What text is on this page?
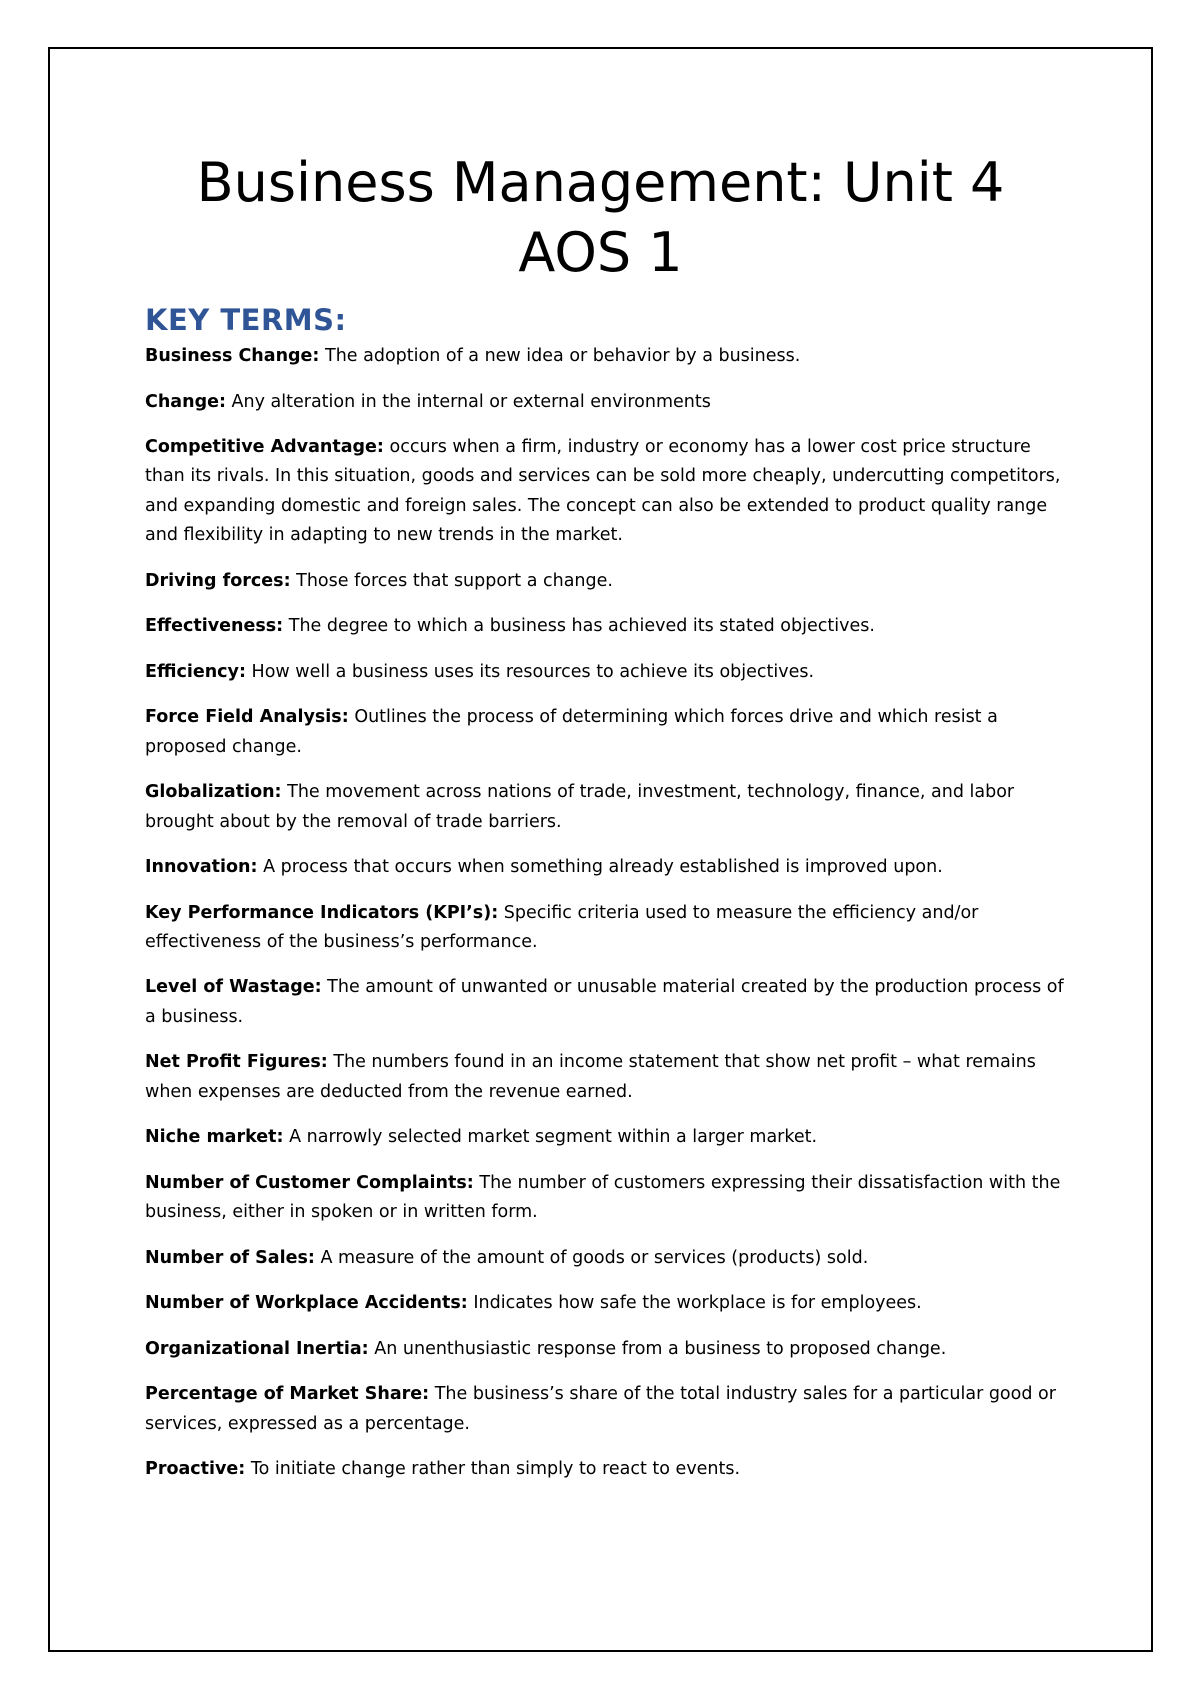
Business Management: Unit 4
AOS 1
KEY TERMS:
Business Change: The adoption of a new idea or behavior by a business.
Change: Any alteration in the internal or external environments
Competitive Advantage: occurs when a firm, industry or economy has a lower cost price structure than its rivals. In this situation, goods and services can be sold more cheaply, undercutting competitors, and expanding domestic and foreign sales. The concept can also be extended to product quality range and flexibility in adapting to new trends in the market.
Driving forces: Those forces that support a change.
Effectiveness: The degree to which a business has achieved its stated objectives.
Efficiency: How well a business uses its resources to achieve its objectives.
Force Field Analysis: Outlines the process of determining which forces drive and which resist a proposed change.
Globalization: The movement across nations of trade, investment, technology, finance, and labor brought about by the removal of trade barriers.
Innovation: A process that occurs when something already established is improved upon.
Key Performance Indicators (KPI’s): Specific criteria used to measure the efficiency and/or effectiveness of the business’s performance.
Level of Wastage: The amount of unwanted or unusable material created by the production process of a business.
Net Profit Figures: The numbers found in an income statement that show net profit – what remains when expenses are deducted from the revenue earned.
Niche market: A narrowly selected market segment within a larger market.
Number of Customer Complaints: The number of customers expressing their dissatisfaction with the business, either in spoken or in written form.
Number of Sales: A measure of the amount of goods or services (products) sold.
Number of Workplace Accidents: Indicates how safe the workplace is for employees.
Organizational Inertia: An unenthusiastic response from a business to proposed change.
Percentage of Market Share: The business’s share of the total industry sales for a particular good or services, expressed as a percentage.
Proactive: To initiate change rather than simply to react to events.
